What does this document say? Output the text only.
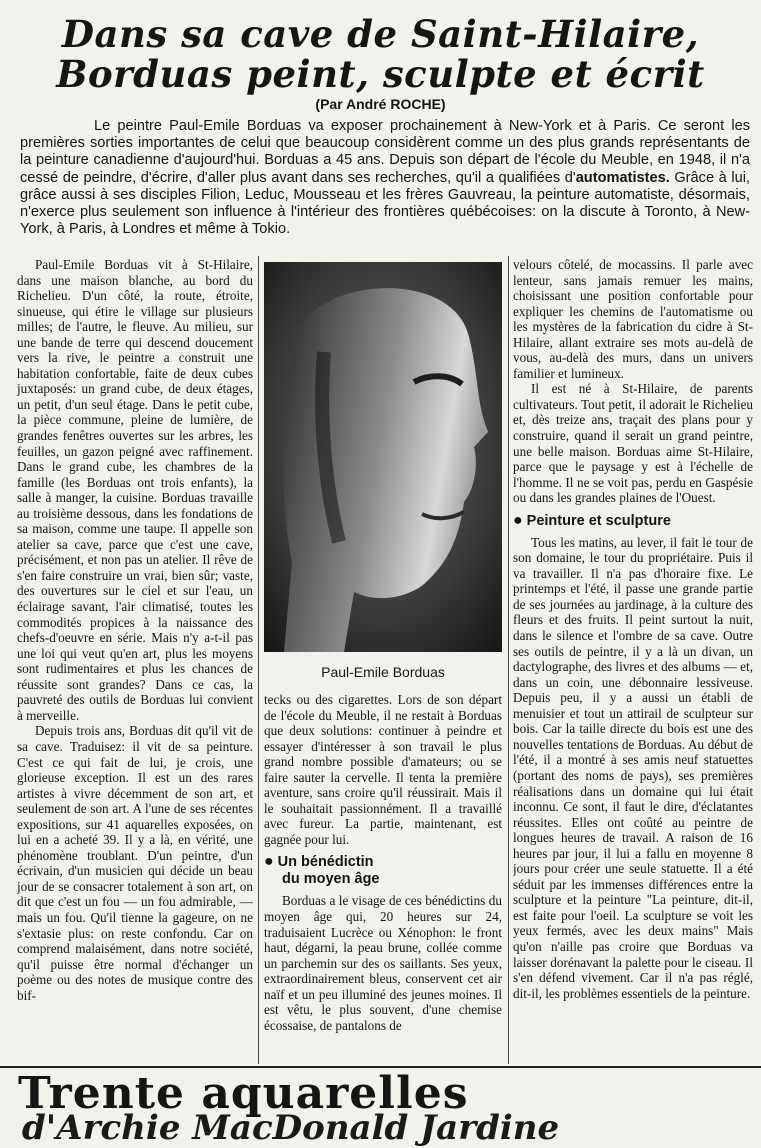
Dans sa cave de Saint-Hilaire,
Borduas peint, sculpte et écrit
(Par André ROCHE)

Le peintre Paul-Emile Borduas va exposer prochainement à New-York et à Paris. Ce seront les premières sorties importantes de celui que beaucoup considèrent comme un des plus grands représentants de la peinture canadienne d'aujourd'hui. Borduas a 45 ans. Depuis son départ de l'école du Meuble, en 1948, il n'a cessé de peindre, d'écrire, d'aller plus avant dans ses recherches, qu'il a qualifiées d'automatistes. Grâce à lui, grâce aussi à ses disciples Filion, Leduc, Mousseau et les frères Gauvreau, la peinture automatiste, désormais, n'exerce plus seulement son influence à l'intérieur des frontières québécoises: on la discute à Toronto, à New-York, à Paris, à Londres et même à Tokio.

Paul-Emile Borduas vit à St-Hilaire, dans une maison blanche, au bord du Richelieu. D'un côté, la route, étroite, sinueuse, qui étire le village sur plusieurs milles; de l'autre, le fleuve. Au milieu, sur une bande de terre qui descend doucement vers la rive, le peintre a construit une habitation confortable, faite de deux cubes juxtaposés: un grand cube, de deux étages, un petit, d'un seul étage. Dans le petit cube, la pièce commune, pleine de lumière, de grandes fenêtres ouvertes sur les arbres, les feuilles, un gazon peigné avec raffinement. Dans le grand cube, les chambres de la famille (les Borduas ont trois enfants), la salle à manger, la cuisine. Borduas travaille au troisième dessous, dans les fondations de sa maison, comme une taupe. Il appelle son atelier sa cave, parce que c'est une cave, précisément, et non pas un atelier. Il rêve de s'en faire construire un vrai, bien sûr; vaste, des ouvertures sur le ciel et sur l'eau, un éclairage savant, l'air climatisé, toutes les commodités propices à la naissance des chefs-d'oeuvre en série. Mais n'y a-t-il pas une loi qui veut qu'en art, plus les moyens sont rudimentaires et plus les chances de réussite sont grandes? Dans ce cas, la pauvreté des outils de Borduas lui convient à merveille.

Depuis trois ans, Borduas dit qu'il vit de sa cave. Traduisez: il vit de sa peinture. C'est ce qui fait de lui, je crois, une glorieuse exception. Il est un des rares artistes à vivre décemment de son art, et seulement de son art. A l'une de ses récentes expositions, sur 41 aquarelles exposées, on lui en a acheté 39. Il y a là, en vérité, une phénomène troublant. D'un peintre, d'un écrivain, d'un musicien qui décide un beau jour de se consacrer totalement à son art, on dit que c'est un fou — un fou admirable, — mais un fou. Qu'il tienne la gageure, on ne s'extasie plus: on reste confondu. Car on comprend malaisément, dans notre société, qu'il puisse être normal d'échanger un poème ou des notes de musique contre des bif-

Paul-Emile Borduas

tecks ou des cigarettes. Lors de son départ de l'école du Meuble, il ne restait à Borduas que deux solutions: continuer à peindre et essayer d'intéresser à son travail le plus grand nombre possible d'amateurs; ou se faire sauter la cervelle. Il tenta la première aventure, sans croire qu'il réussirait. Mais il le souhaitait passionnément. Il a travaillé avec fureur. La partie, maintenant, est gagnée pour lui.

● Un bénédictin
du moyen âge

Borduas a le visage de ces bénédictins du moyen âge qui, 20 heures sur 24, traduisaient Lucrèce ou Xénophon: le front haut, dégarni, la peau brune, collée comme un parchemin sur des os saillants. Ses yeux, extraordinairement bleus, conservent cet air naïf et un peu illuminé des jeunes moines. Il est vêtu, le plus souvent, d'une chemise écossaise, de pantalons de

velours côtelé, de mocassins. Il parle avec lenteur, sans jamais remuer les mains, choisissant une position confortable pour expliquer les chemins de l'automatisme ou les mystères de la fabrication du cidre à St-Hilaire, allant extraire ses mots au-delà de vous, au-delà des murs, dans un univers familier et lumineux.

Il est né à St-Hilaire, de parents cultivateurs. Tout petit, il adorait le Richelieu et, dès treize ans, traçait des plans pour y construire, quand il serait un grand peintre, une belle maison. Borduas aime St-Hilaire, parce que le paysage y est à l'échelle de l'homme. Il ne se voit pas, perdu en Gaspésie ou dans les grandes plaines de l'Ouest.

● Peinture et sculpture

Tous les matins, au lever, il fait le tour de son domaine, le tour du propriétaire. Puis il va travailler. Il n'a pas d'horaire fixe. Le printemps et l'été, il passe une grande partie de ses journées au jardinage, à la culture des fleurs et des fruits. Il peint surtout la nuit, dans le silence et l'ombre de sa cave. Outre ses outils de peintre, il y a là un divan, un dactylographe, des livres et des albums — et, dans un coin, une débonnaire lessiveuse. Depuis peu, il y a aussi un établi de menuisier et tout un attirail de sculpteur sur bois. Car la taille directe du bois est une des nouvelles tentations de Borduas. Au début de l'été, il a montré à ses amis neuf statuettes (portant des noms de pays), ses premières réalisations dans un domaine qui lui était inconnu. Ce sont, il faut le dire, d'éclatantes réussites. Elles ont coûté au peintre de longues heures de travail. A raison de 16 heures par jour, il lui a fallu en moyenne 8 jours pour créer une seule statuette. Il a été séduit par les immenses différences entre la sculpture et la peinture "La peinture, dit-il, est faite pour l'oeil. La sculpture se voit les yeux fermés, avec les deux mains" Mais qu'on n'aille pas croire que Borduas va laisser dorénavant la palette pour le ciseau. Il s'en défend vivement. Car il n'a pas réglé, dit-il, les problèmes essentiels de la peinture.

Trente aquarelles
d'Archie MacDonald Jardine
